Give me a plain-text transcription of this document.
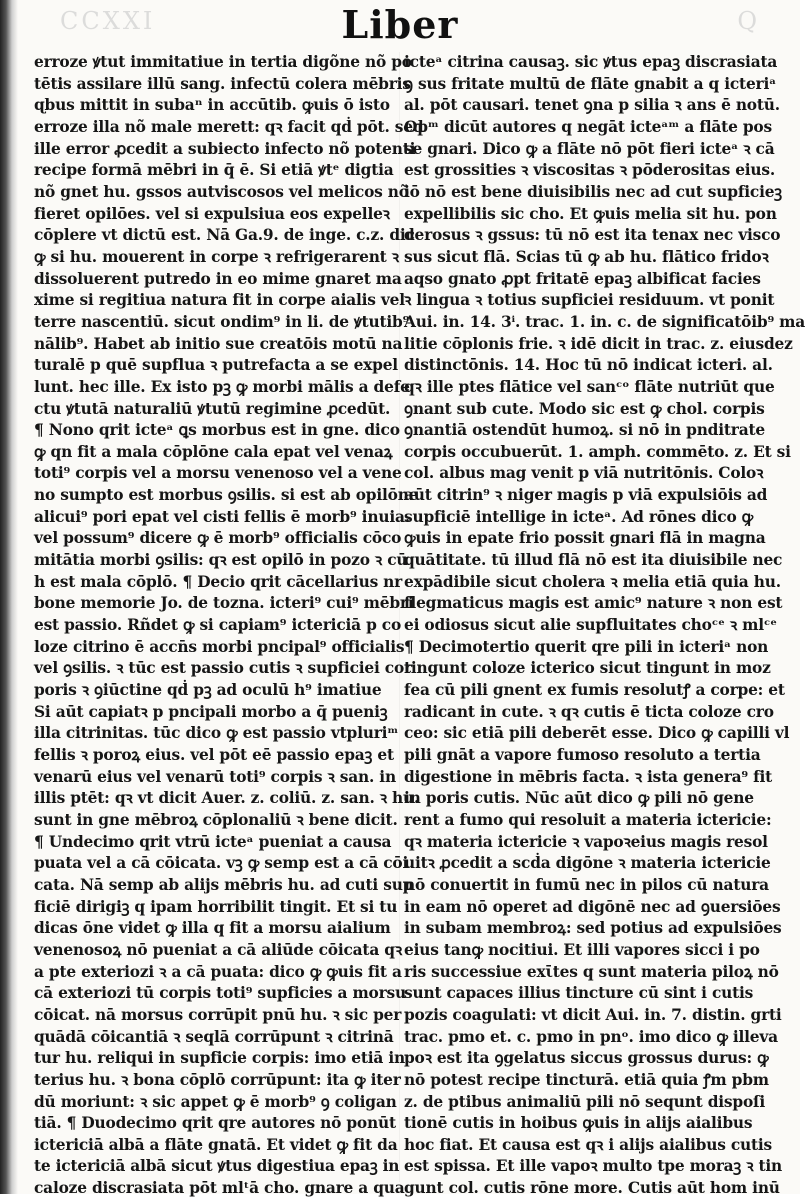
CCXXI	Q
Liber
erroze ꝟtut immitatiue in tertia digõne nõ po
tētis assilare illū sang. infectū colera mēbris
ɋbus mittit in subaⁿ in accūtib. ꝙuis ō isto
erroze illa nõ male merett: qꝛ facit qḋ pōt. sed
ille error ꝓcedit a subiecto infecto nõ potenti
recipe formā mēbri in q̄ ē. Si etiā ꝟtᵉ digtia
nõ gnet hu. gssos autviscosos vel melicos nõ
fieret opilōes. vel si expulsiua eos expelleꝛ
cōplere vt dictū est. Nā Ga.9. de inge. c.z. dic
ꝙ si hu. mouerent in corpe ꝛ refrigerarent ꝛ
dissoluerent putredo in eo mime gnaret ma
xime si regitiua natura fit in corpe aialis vel
terre nascentiū. sicut ondim⁹ in li. de ꝟtutib⁹
nālib⁹. Habet ab initio sue creatōis motū na
turalē p quē supflua ꝛ putrefacta a se expel
lunt. hec ille. Ex isto pꝫ ꝙ morbi mālis a defe
ctu ꝟtutā naturaliū ꝟtutū regimine ꝓcedūt.
¶ Nono qrit icteᵃ ꝗs morbus est in gne. dico
ꝙ qn fit a mala cōplōne cala epat vel venaꝝ
toti⁹ corpis vel a morsu venenoso vel a vene
no sumpto est morbus ꝯsilis. si est ab opilōne
alicui⁹ pori epat vel cisti fellis ē morb⁹ inuia.
vel possum⁹ dicere ꝙ ē morb⁹ officialis cōco
mitātia morbi ꝯsilis: qꝛ est opilō in pozo ꝛ cū
h est mala cōplō. ¶ Decio qrit cācellarius nr
bone memorie Jo. de tozna. icteri⁹ cui⁹ mēbri
est passio. Rñdet ꝙ si capiam⁹ ictericiā p co
loze citrino ē accn̄s morbi pncipal⁹ officialis
vel ꝯsilis. ꝛ tūc est passio cutis ꝛ supficiei cor
poris ꝛ ꝯiūctine qḋ pꝫ ad oculū h⁹ imatiue
Si aūt capiatꝛ p pncipali morbo a q̄ pueniꝫ
illa citrinitas. tūc dico ꝙ est passio vtpluriᵐ
fellis ꝛ poroꝝ eius. vel pōt eē passio epaꝫ et
venarū eius vel venarū toti⁹ corpis ꝛ san. in
illis ptēt: qꝛ vt dicit Auer. z. coliū. z. san. ꝛ hu.
sunt in gne mēbroꝝ cōplonaliū ꝛ bene dicit.
¶ Undecimo qrit vtrū icteᵃ pueniat a causa
puata vel a cā cōicata. vꝫ ꝙ semp est a cā cōi
cata. Nā semp ab alijs mēbris hu. ad cuti sup
ficiē dirigiꝫ q ipam horribilit tingit. Et si tu
dicas ōne videt ꝙ illa q fit a morsu aialium
venenosoꝝ nō pueniat a cā aliūde cōicata qꝛ
a pte exteriozi ꝛ a cā puata: dico ꝙ ꝙuis fit a
cā exteriozi tū corpis toti⁹ supficies a morsu
cōicat. nā morsus corrūpit pnū hu. ꝛ sic per
quādā cōicantiā ꝛ seqlā corrūpunt ꝛ citrinā
tur hu. reliqui in supficie corpis: imo etiā in
terius hu. ꝛ bona cōplō corrūpunt: ita ꝙ iter
dū moriunt: ꝛ sic appet ꝙ ē morb⁹ ꝯ coligan
tiā. ¶ Duodecimo qrit qre autores nō ponūt
ictericiā albā a flāte gnatā. Et videt ꝙ fit da
te ictericiā albā sicut ꝟtus digestiua epaꝫ in
caloze discrasiata pōt mlᵗā cho. gnare a qua
icteᵃ citrina causaꝫ. sic ꝟtus epaꝫ discrasiata
ꝯ sus fritate multū de flāte gnabit a q icteriᵃ
al. pōt causari. tenet ꝯna p silia ꝛ ans ē notū.
Opᵐ dicūt autores q negāt icteᵃᵐ a flāte pos
se gnari. Dico ꝙ a flāte nō pōt fieri icteᵃ ꝛ cā
est grossities ꝛ viscositas ꝛ pōderositas eius.
iō nō est bene diuisibilis nec ad cut supficieꝫ
expellibilis sic cho. Et ꝙuis melia sit hu. pon
derosus ꝛ gssus: tū nō est ita tenax nec visco
sus sicut flā. Scias tū ꝙ ab hu. flātico fridoꝛ
aqso gnato ꝓpt fritatē epaꝫ albificat facies
ꝛ lingua ꝛ totius supficiei residuum. vt ponit
Aui. in. 14. 3ⁱ. trac. 1. in. c. de significatōib⁹ ma
litie cōplonis frie. ꝛ idē dicit in trac. z. eiusdez
distinctōnis. 14. Hoc tū nō indicat icteri. al.
qꝛ ille ptes flātice vel sanᶜᵒ flāte nutriūt que
ꝯnant sub cute. Modo sic est ꝙ chol. corpis
ꝯnantiā ostendūt humoꝝ. si nō in pnditrate
corpis occubuerūt. 1. amph. commēto. z. Et si
col. albus mag venit p viā nutritōnis. Coloꝛ
aūt citrin⁹ ꝛ niger magis p viā expulsiōis ad
supficiē intellige in icteᵃ. Ad rōnes dico ꝙ
ꝙuis in epate frio possit gnari flā in magna
quātitate. tū illud flā nō est ita diuisibile nec
expādibile sicut cholera ꝛ melia etiā quia hu.
flegmaticus magis est amic⁹ nature ꝛ non est
ei odiosus sicut alie supfluitates choᶜᵉ ꝛ mlᶜᵉ
¶ Decimotertio querit qre pili in icteriᵃ non
tingunt coloze icterico sicut tingunt in moz
fea cū pili gnent ex fumis resolutꝭ a corpe: et
radicant in cute. ꝛ qꝛ cutis ē ticta coloze cro
ceo: sic etiā pili deberēt esse. Dico ꝙ capilli vl
pili gnāt a vapore fumoso resoluto a tertia
digestione in mēbris facta. ꝛ ista genera⁹ fit
in poris cutis. Nūc aūt dico ꝙ pili nō gene
rent a fumo qui resoluit a materia ictericie:
qꝛ materia ictericie ꝛ vapoꝛeius magis resol
uitꝛ ꝓcedit a scḋa digōne ꝛ materia ictericie
nō conuertit in fumū nec in pilos cū natura
in eam nō operet ad digōnē nec ad ꝯuersiōes
in subam membroꝝ: sed potius ad expulsiōes
eius tanꝙ nocitiui. Et illi vapores sicci i po
ris successiue exῑtes q sunt materia piloꝝ nō
sunt capaces illius tincture cū sint i cutis
pozis coagulati: vt dicit Aui. in. 7. distin. grti
trac. pmo et. c. pmo in pnᵒ. imo dico ꝙ illeva
poꝛ est ita ꝯgelatus siccus grossus durus: ꝙ
nō potest recipe tincturā. etiā quia ꝭm pbm
z. de ptibus animaliū pili nō sequnt dispoſi
tionē cutis in hoibus ꝙuis in alijs aialibus
hoc fiat. Et causa est qꝛ i alijs aialibus cutis
est spissa. Et ille vapoꝛ multo tpe moraꝫ ꝛ tin
gunt col. cutis rōne more. Cutis aūt hom inū
